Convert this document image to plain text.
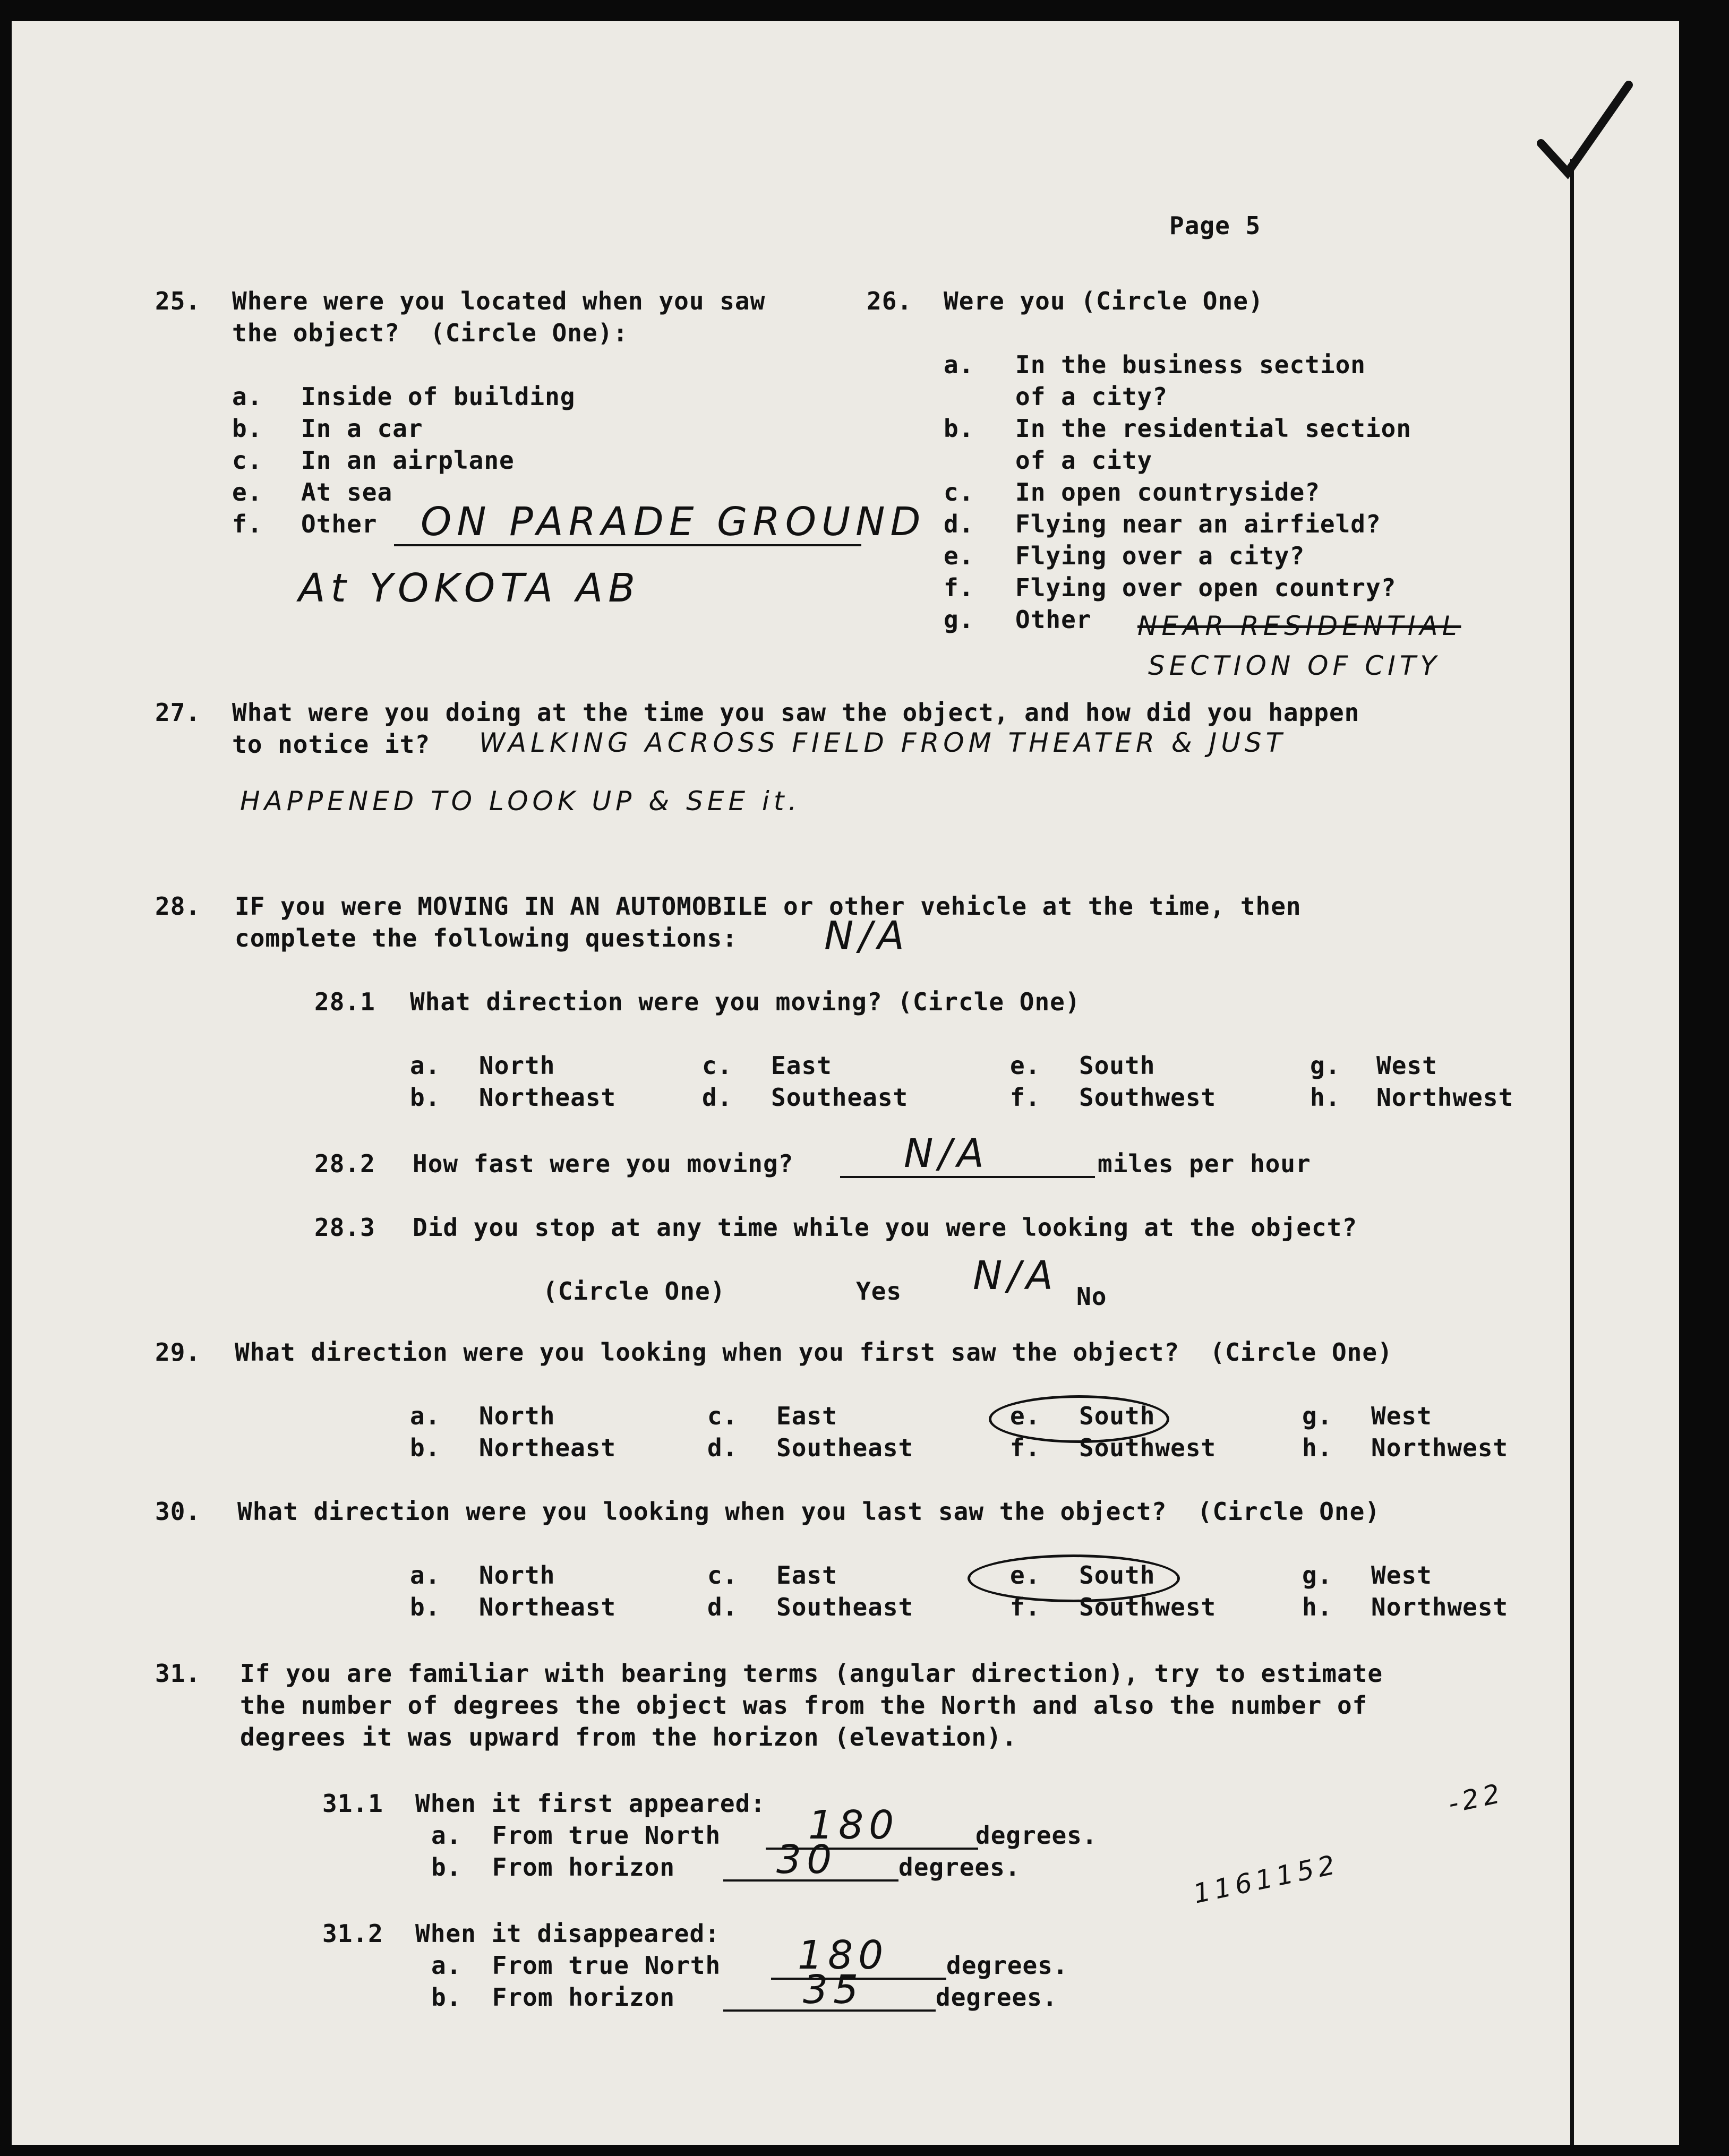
Page 5
25. Where were you located when you saw
the object?  (Circle One):
a. Inside of building
b. In a car
c. In an airplane
e. At sea
f. Other ON PARADE GROUND
At YOKOTA AB
26. Were you (Circle One)
a. In the business section
of a city?
b. In the residential section
of a city
c. In open countryside?
d. Flying near an airfield?
e. Flying over a city?
f. Flying over open country?
g. Other NEAR RESIDENTIAL
SECTION OF CITY
27. What were you doing at the time you saw the object, and how did you happen
to notice it? WALKING ACROSS FIELD FROM THEATER & JUST
HAPPENED TO LOOK UP & SEE it.
28. IF you were MOVING IN AN AUTOMOBILE or other vehicle at the time, then
complete the following questions: N/A
28.1 What direction were you moving? (Circle One)
a. North
b. Northeast
c. East
d. Southeast
e. South
f. Southwest
g. West
h. Northwest
28.2 How fast were you moving?	N/A	miles per hour
28.3 Did you stop at any time while you were looking at the object?
(Circle One)	Yes N/A No
29. What direction were you looking when you first saw the object?  (Circle One)
a. North
b. Northeast
c. East
d. Southeast
e. South
f. Southwest
g. West
h. Northwest
30. What direction were you looking when you last saw the object?  (Circle One)
a. North
b. Northeast
c. East
d. Southeast
e. South
f. Southwest
g. West
h. Northwest
31. If you are familiar with bearing terms (angular direction), try to estimate
the number of degrees the object was from the North and also the number of
degrees it was upward from the horizon (elevation).
31.1 When it first appeared:
a.  From true North 180	degrees.
b.  From horizon	30	degrees.
31.2 When it disappeared:
a.  From true North 180 degrees.
b.  From horizon	35	degrees.
1161152
-22
